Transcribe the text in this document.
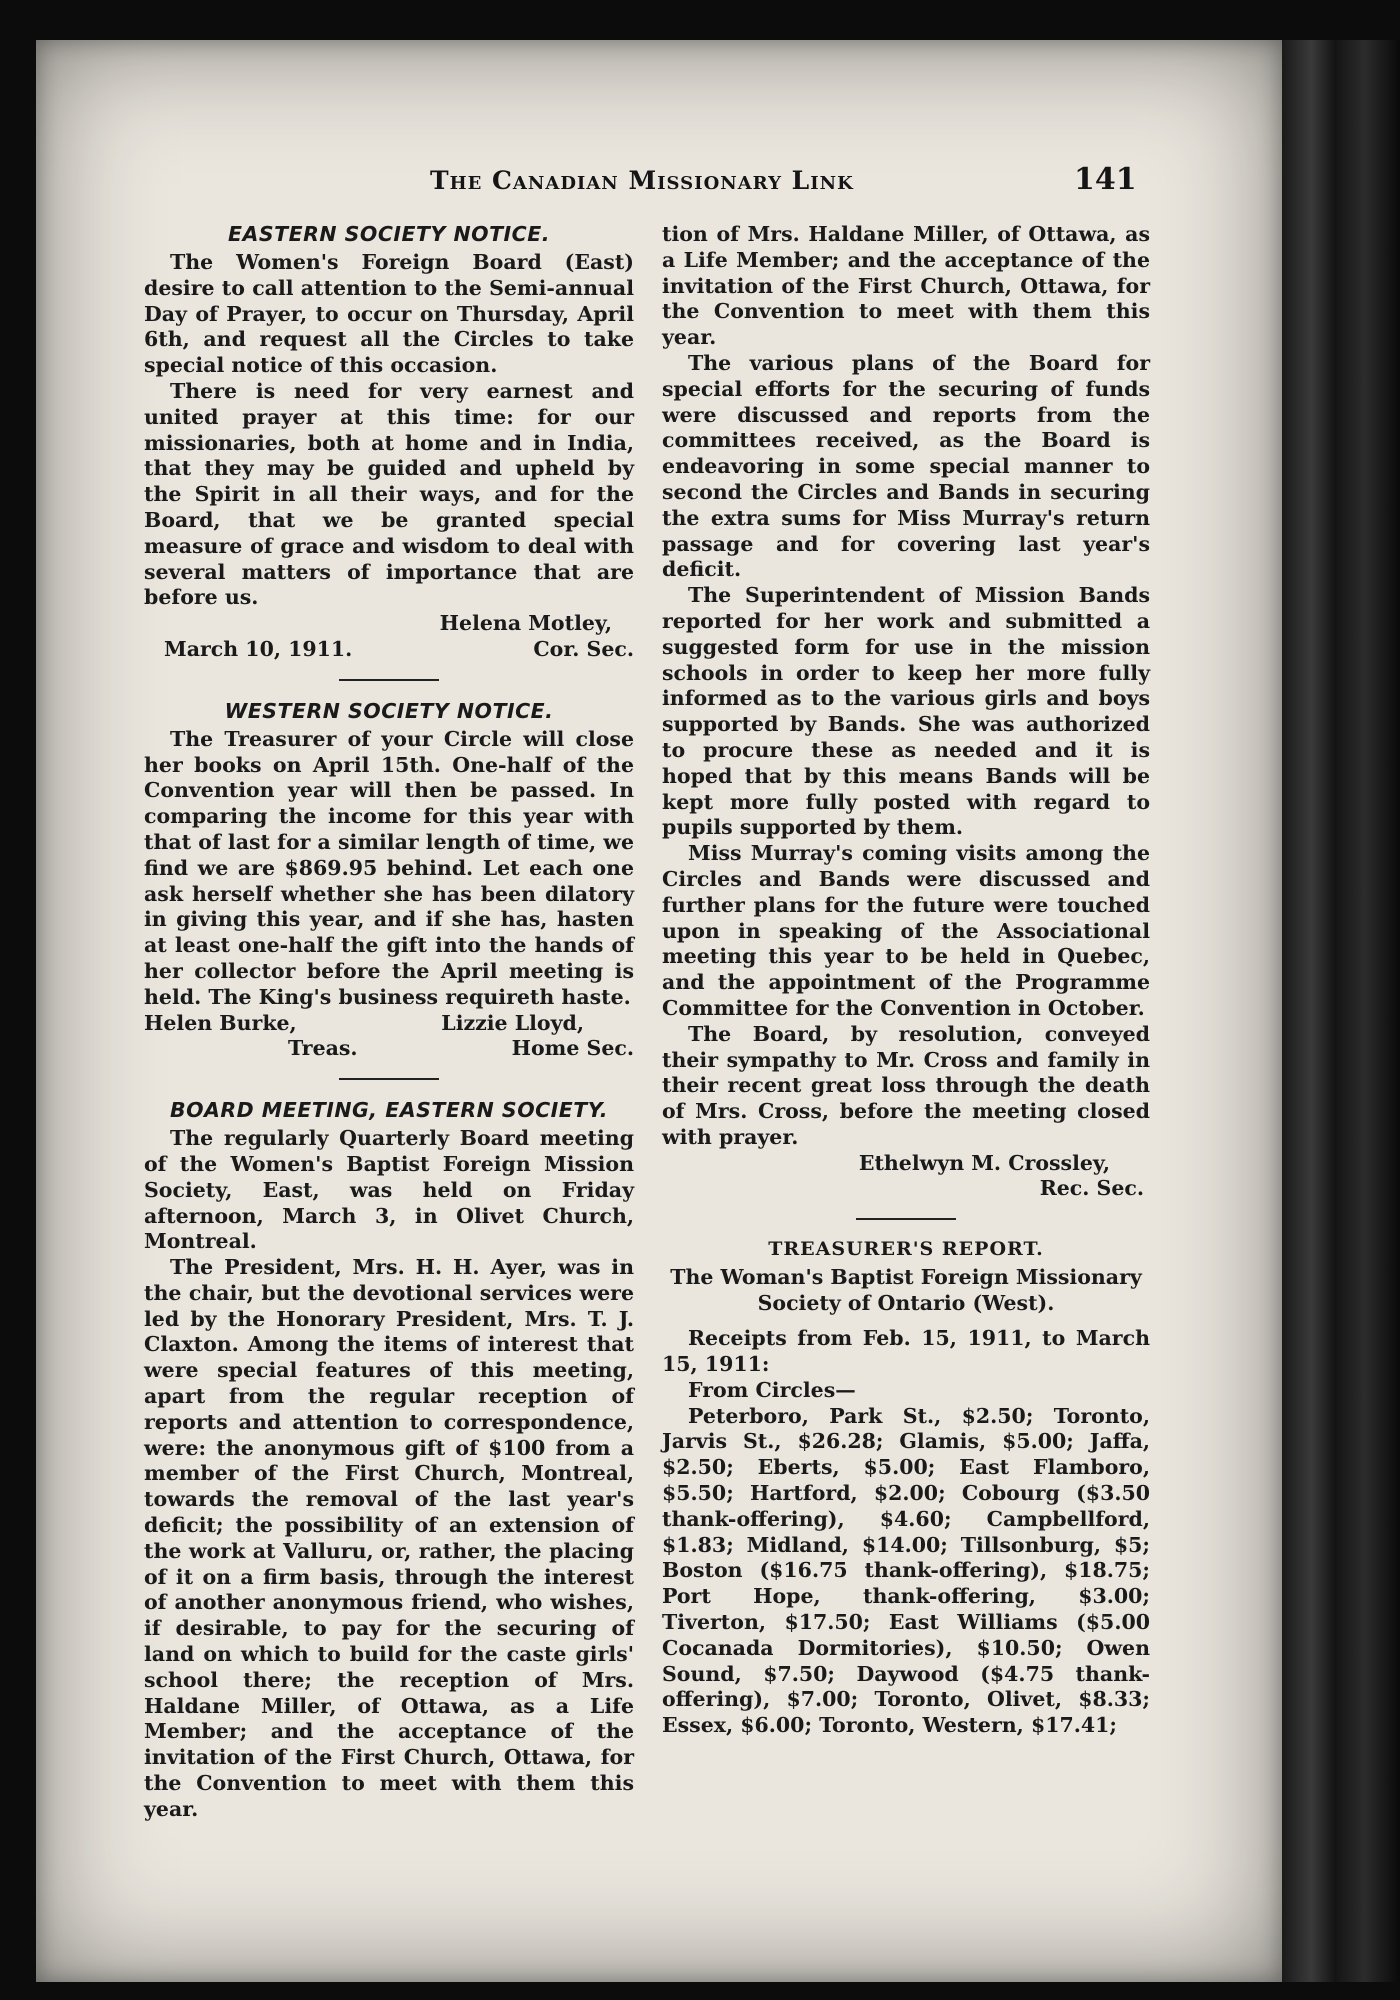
The Canadian Missionary Link	141
EASTERN SOCIETY NOTICE.

The Women's Foreign Board (East) desire to call attention to the Semi-annual Day of Prayer, to occur on Thursday, April 6th, and request all the Circles to take special notice of this occasion.

There is need for very earnest and united prayer at this time: for our missionaries, both at home and in India, that they may be guided and upheld by the Spirit in all their ways, and for the Board, that we be granted special measure of grace and wisdom to deal with several matters of importance that are before us.

Helena Motley,
March 10, 1911.	Cor. Sec.
WESTERN SOCIETY NOTICE.

The Treasurer of your Circle will close her books on April 15th. One-half of the Convention year will then be passed. In comparing the income for this year with that of last for a similar length of time, we find we are $869.95 behind. Let each one ask herself whether she has been dilatory in giving this year, and if she has, hasten at least one-half the gift into the hands of her collector before the April meeting is held. The King's business requireth haste.

Helen Burke,	Lizzie Lloyd,
Treas.	Home Sec.
BOARD MEETING, EASTERN SOCIETY.

The regularly Quarterly Board meeting of the Women's Baptist Foreign Mission Society, East, was held on Friday afternoon, March 3, in Olivet Church, Montreal.

The President, Mrs. H. H. Ayer, was in the chair, but the devotional services were led by the Honorary President, Mrs. T. J. Claxton. Among the items of interest that were special features of this meeting, apart from the regular reception of reports and attention to correspondence, were: the anonymous gift of $100 from a member of the First Church, Montreal, towards the removal of the last year's deficit; the possibility of an extension of the work at Valluru, or, rather, the placing of it on a firm basis, through the interest of another anonymous friend, who wishes, if desirable, to pay for the securing of land on which to build for the caste girls' school there; the reception of Mrs. Haldane Miller, of Ottawa, as a Life Member; and the acceptance of the invitation of the First Church, Ottawa, for the Convention to meet with them this year.

tion of Mrs. Haldane Miller, of Ottawa, as a Life Member; and the acceptance of the invitation of the First Church, Ottawa, for the Convention to meet with them this year.

The various plans of the Board for special efforts for the securing of funds were discussed and reports from the committees received, as the Board is endeavoring in some special manner to second the Circles and Bands in securing the extra sums for Miss Murray's return passage and for covering last year's deficit.

The Superintendent of Mission Bands reported for her work and submitted a suggested form for use in the mission schools in order to keep her more fully informed as to the various girls and boys supported by Bands. She was authorized to procure these as needed and it is hoped that by this means Bands will be kept more fully posted with regard to pupils supported by them.

Miss Murray's coming visits among the Circles and Bands were discussed and further plans for the future were touched upon in speaking of the Associational meeting this year to be held in Quebec, and the appointment of the Programme Committee for the Convention in October.

The Board, by resolution, conveyed their sympathy to Mr. Cross and family in their recent great loss through the death of Mrs. Cross, before the meeting closed with prayer.

Ethelwyn M. Crossley,
Rec. Sec.
TREASURER'S REPORT.
The Woman's Baptist Foreign Missionary Society of Ontario (West).

Receipts from Feb. 15, 1911, to March 15, 1911:

From Circles—

Peterboro, Park St., $2.50; Toronto, Jarvis St., $26.28; Glamis, $5.00; Jaffa, $2.50; Eberts, $5.00; East Flamboro, $5.50; Hartford, $2.00; Cobourg ($3.50 thank-offering), $4.60; Campbellford, $1.83; Midland, $14.00; Tillsonburg, $5; Boston ($16.75 thank-offering), $18.75; Port Hope, thank-offering, $3.00; Tiverton, $17.50; East Williams ($5.00 Cocanada Dormitories), $10.50; Owen Sound, $7.50; Daywood ($4.75 thank-offering), $7.00; Toronto, Olivet, $8.33; Essex, $6.00; Toronto, Western, $17.41;
